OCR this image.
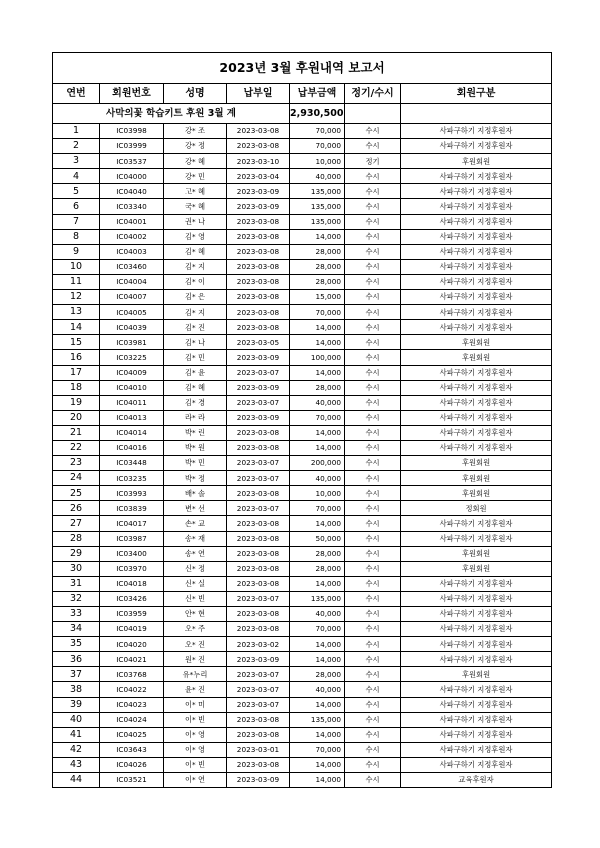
2023년 3월 후원내역 보고서						
연번	회원번호	성명	납부일	납부금액	정기/수시	회원구분
사막의꽃 학습키트 후원 3월 계				2,930,500		
1	IC03998	강* 조	2023-03-08	70,000	수시	사파구하기 지정후원자
2	IC03999	강* 정	2023-03-08	70,000	수시	사파구하기 지정후원자
3	IC03537	강* 혜	2023-03-10	10,000	정기	후원회원
4	IC04000	강* 민	2023-03-04	40,000	수시	사파구하기 지정후원자
5	IC04040	고* 혜	2023-03-09	135,000	수시	사파구하기 지정후원자
6	IC03340	국* 혜	2023-03-09	135,000	수시	사파구하기 지정후원자
7	IC04001	권* 나	2023-03-08	135,000	수시	사파구하기 지정후원자
8	IC04002	김* 영	2023-03-08	14,000	수시	사파구하기 지정후원자
9	IC04003	김* 혜	2023-03-08	28,000	수시	사파구하기 지정후원자
10	IC03460	김* 지	2023-03-08	28,000	수시	사파구하기 지정후원자
11	IC04004	김* 이	2023-03-08	28,000	수시	사파구하기 지정후원자
12	IC04007	김* 은	2023-03-08	15,000	수시	사파구하기 지정후원자
13	IC04005	김* 지	2023-03-08	70,000	수시	사파구하기 지정후원자
14	IC04039	김* 진	2023-03-08	14,000	수시	사파구하기 지정후원자
15	IC03981	김* 나	2023-03-05	14,000	수시	후원회원
16	IC03225	김* 민	2023-03-09	100,000	수시	후원회원
17	IC04009	김* 윤	2023-03-07	14,000	수시	사파구하기 지정후원자
18	IC04010	김* 혜	2023-03-09	28,000	수시	사파구하기 지정후원자
19	IC04011	김* 경	2023-03-07	40,000	수시	사파구하기 지정후원자
20	IC04013	라* 라	2023-03-09	70,000	수시	사파구하기 지정후원자
21	IC04014	박* 린	2023-03-08	14,000	수시	사파구하기 지정후원자
22	IC04016	박* 원	2023-03-08	14,000	수시	사파구하기 지정후원자
23	IC03448	박* 민	2023-03-07	200,000	수시	후원회원
24	IC03235	박* 정	2023-03-07	40,000	수시	후원회원
25	IC03993	배* 솔	2023-03-08	10,000	수시	후원회원
26	IC03839	변* 선	2023-03-07	70,000	수시	정회원
27	IC04017	손* 교	2023-03-08	14,000	수시	사파구하기 지정후원자
28	IC03987	송* 재	2023-03-08	50,000	수시	사파구하기 지정후원자
29	IC03400	송* 연	2023-03-08	28,000	수시	후원회원
30	IC03970	신* 정	2023-03-08	28,000	수시	후원회원
31	IC04018	신* 실	2023-03-08	14,000	수시	사파구하기 지정후원자
32	IC03426	신* 빈	2023-03-07	135,000	수시	사파구하기 지정후원자
33	IC03959	안* 현	2023-03-08	40,000	수시	사파구하기 지정후원자
34	IC04019	오* 주	2023-03-08	70,000	수시	사파구하기 지정후원자
35	IC04020	오* 진	2023-03-02	14,000	수시	사파구하기 지정후원자
36	IC04021	원* 진	2023-03-09	14,000	수시	사파구하기 지정후원자
37	IC03768	유*누리	2023-03-07	28,000	수시	후원회원
38	IC04022	윤* 진	2023-03-07	40,000	수시	사파구하기 지정후원자
39	IC04023	이* 미	2023-03-07	14,000	수시	사파구하기 지정후원자
40	IC04024	이* 빈	2023-03-08	135,000	수시	사파구하기 지정후원자
41	IC04025	이* 영	2023-03-08	14,000	수시	사파구하기 지정후원자
42	IC03643	이* 영	2023-03-01	70,000	수시	사파구하기 지정후원자
43	IC04026	이* 빈	2023-03-08	14,000	수시	사파구하기 지정후원자
44	IC03521	이* 연	2023-03-09	14,000	수시	교육후원자
